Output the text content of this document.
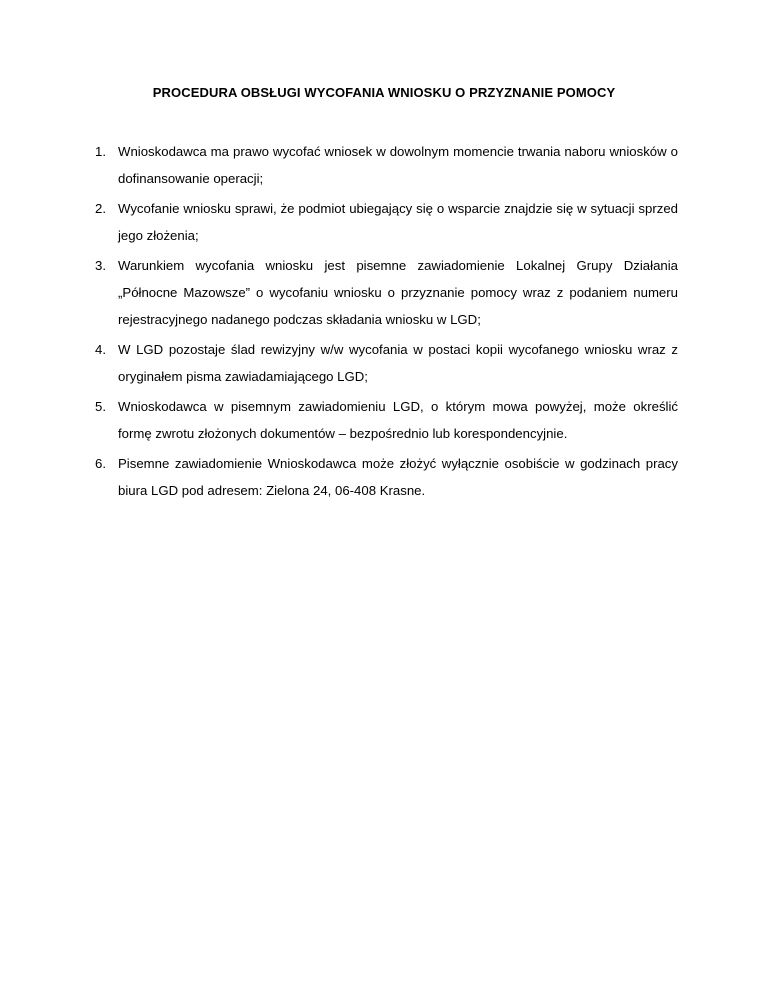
PROCEDURA OBSŁUGI WYCOFANIA WNIOSKU O PRZYZNANIE POMOCY
1. Wnioskodawca ma prawo wycofać wniosek w dowolnym momencie trwania naboru wniosków o dofinansowanie operacji;
2. Wycofanie wniosku sprawi, że podmiot ubiegający się o wsparcie znajdzie się w sytuacji sprzed jego złożenia;
3. Warunkiem wycofania wniosku jest pisemne zawiadomienie Lokalnej Grupy Działania „Północne Mazowsze” o wycofaniu wniosku o przyznanie pomocy wraz z podaniem numeru rejestracyjnego nadanego podczas składania wniosku w LGD;
4. W LGD pozostaje ślad rewizyjny w/w wycofania w postaci kopii wycofanego wniosku wraz z oryginałem pisma zawiadamiającego LGD;
5. Wnioskodawca w pisemnym zawiadomieniu LGD, o którym mowa powyżej, może określić formę zwrotu złożonych dokumentów – bezpośrednio lub korespondencyjnie.
6. Pisemne zawiadomienie Wnioskodawca może złożyć wyłącznie osobiście w godzinach pracy biura LGD pod adresem: Zielona 24, 06-408 Krasne.
